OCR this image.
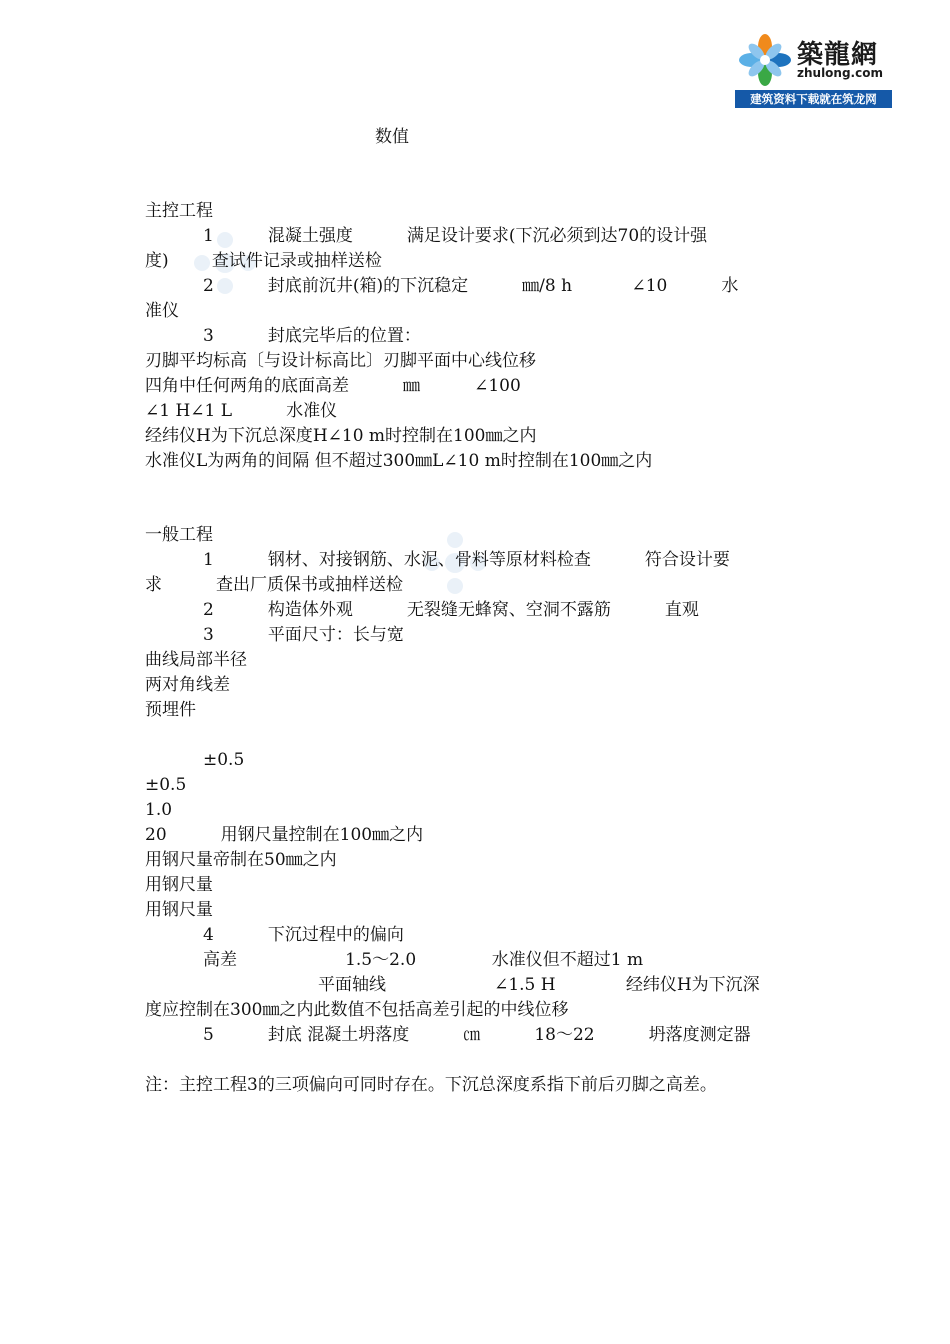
築龍網
zhulong.com
建筑资料下载就在筑龙网
数值
主控工程
1          混凝土强度          满足设计要求(下沉必须到达70的设计强
度)        查试件记录或抽样送检
2          封底前沉井(箱)的下沉稳定          ㎜/8 h           ∠10          水
准仪
3          封底完毕后的位置：
刃脚平均标高〔与设计标高比〕刃脚平面中心线位移
四角中任何两角的底面高差          ㎜          ∠100
∠1 H∠1 L          水准仪
经纬仪H为下沉总深度H∠10 m时控制在100㎜之内
水准仪L为两角的间隔 但不超过300㎜L∠10 m时控制在100㎜之内
一般工程
1          钢材、对接钢筋、水泥、骨料等原材料检查          符合设计要
求          查出厂质保书或抽样送检
2          构造体外观          无裂缝无蜂窝、空洞不露筋          直观
3          平面尺寸：长与宽
曲线局部半径
两对角线差
预埋件
±0.5
±0.5
1.0
20          用钢尺量控制在100㎜之内
用钢尺量帝制在50㎜之内
用钢尺量
用钢尺量
4          下沉过程中的偏向
高差                    1.5～2.0              水准仪但不超过1 m
平面轴线                    ∠1.5 H             经纬仪H为下沉深
度应控制在300㎜之内此数值不包括高差引起的中线位移
5          封底 混凝土坍落度          ㎝          18～22          坍落度测定器
注：主控工程3的三项偏向可同时存在。下沉总深度系指下前后刃脚之高差。
